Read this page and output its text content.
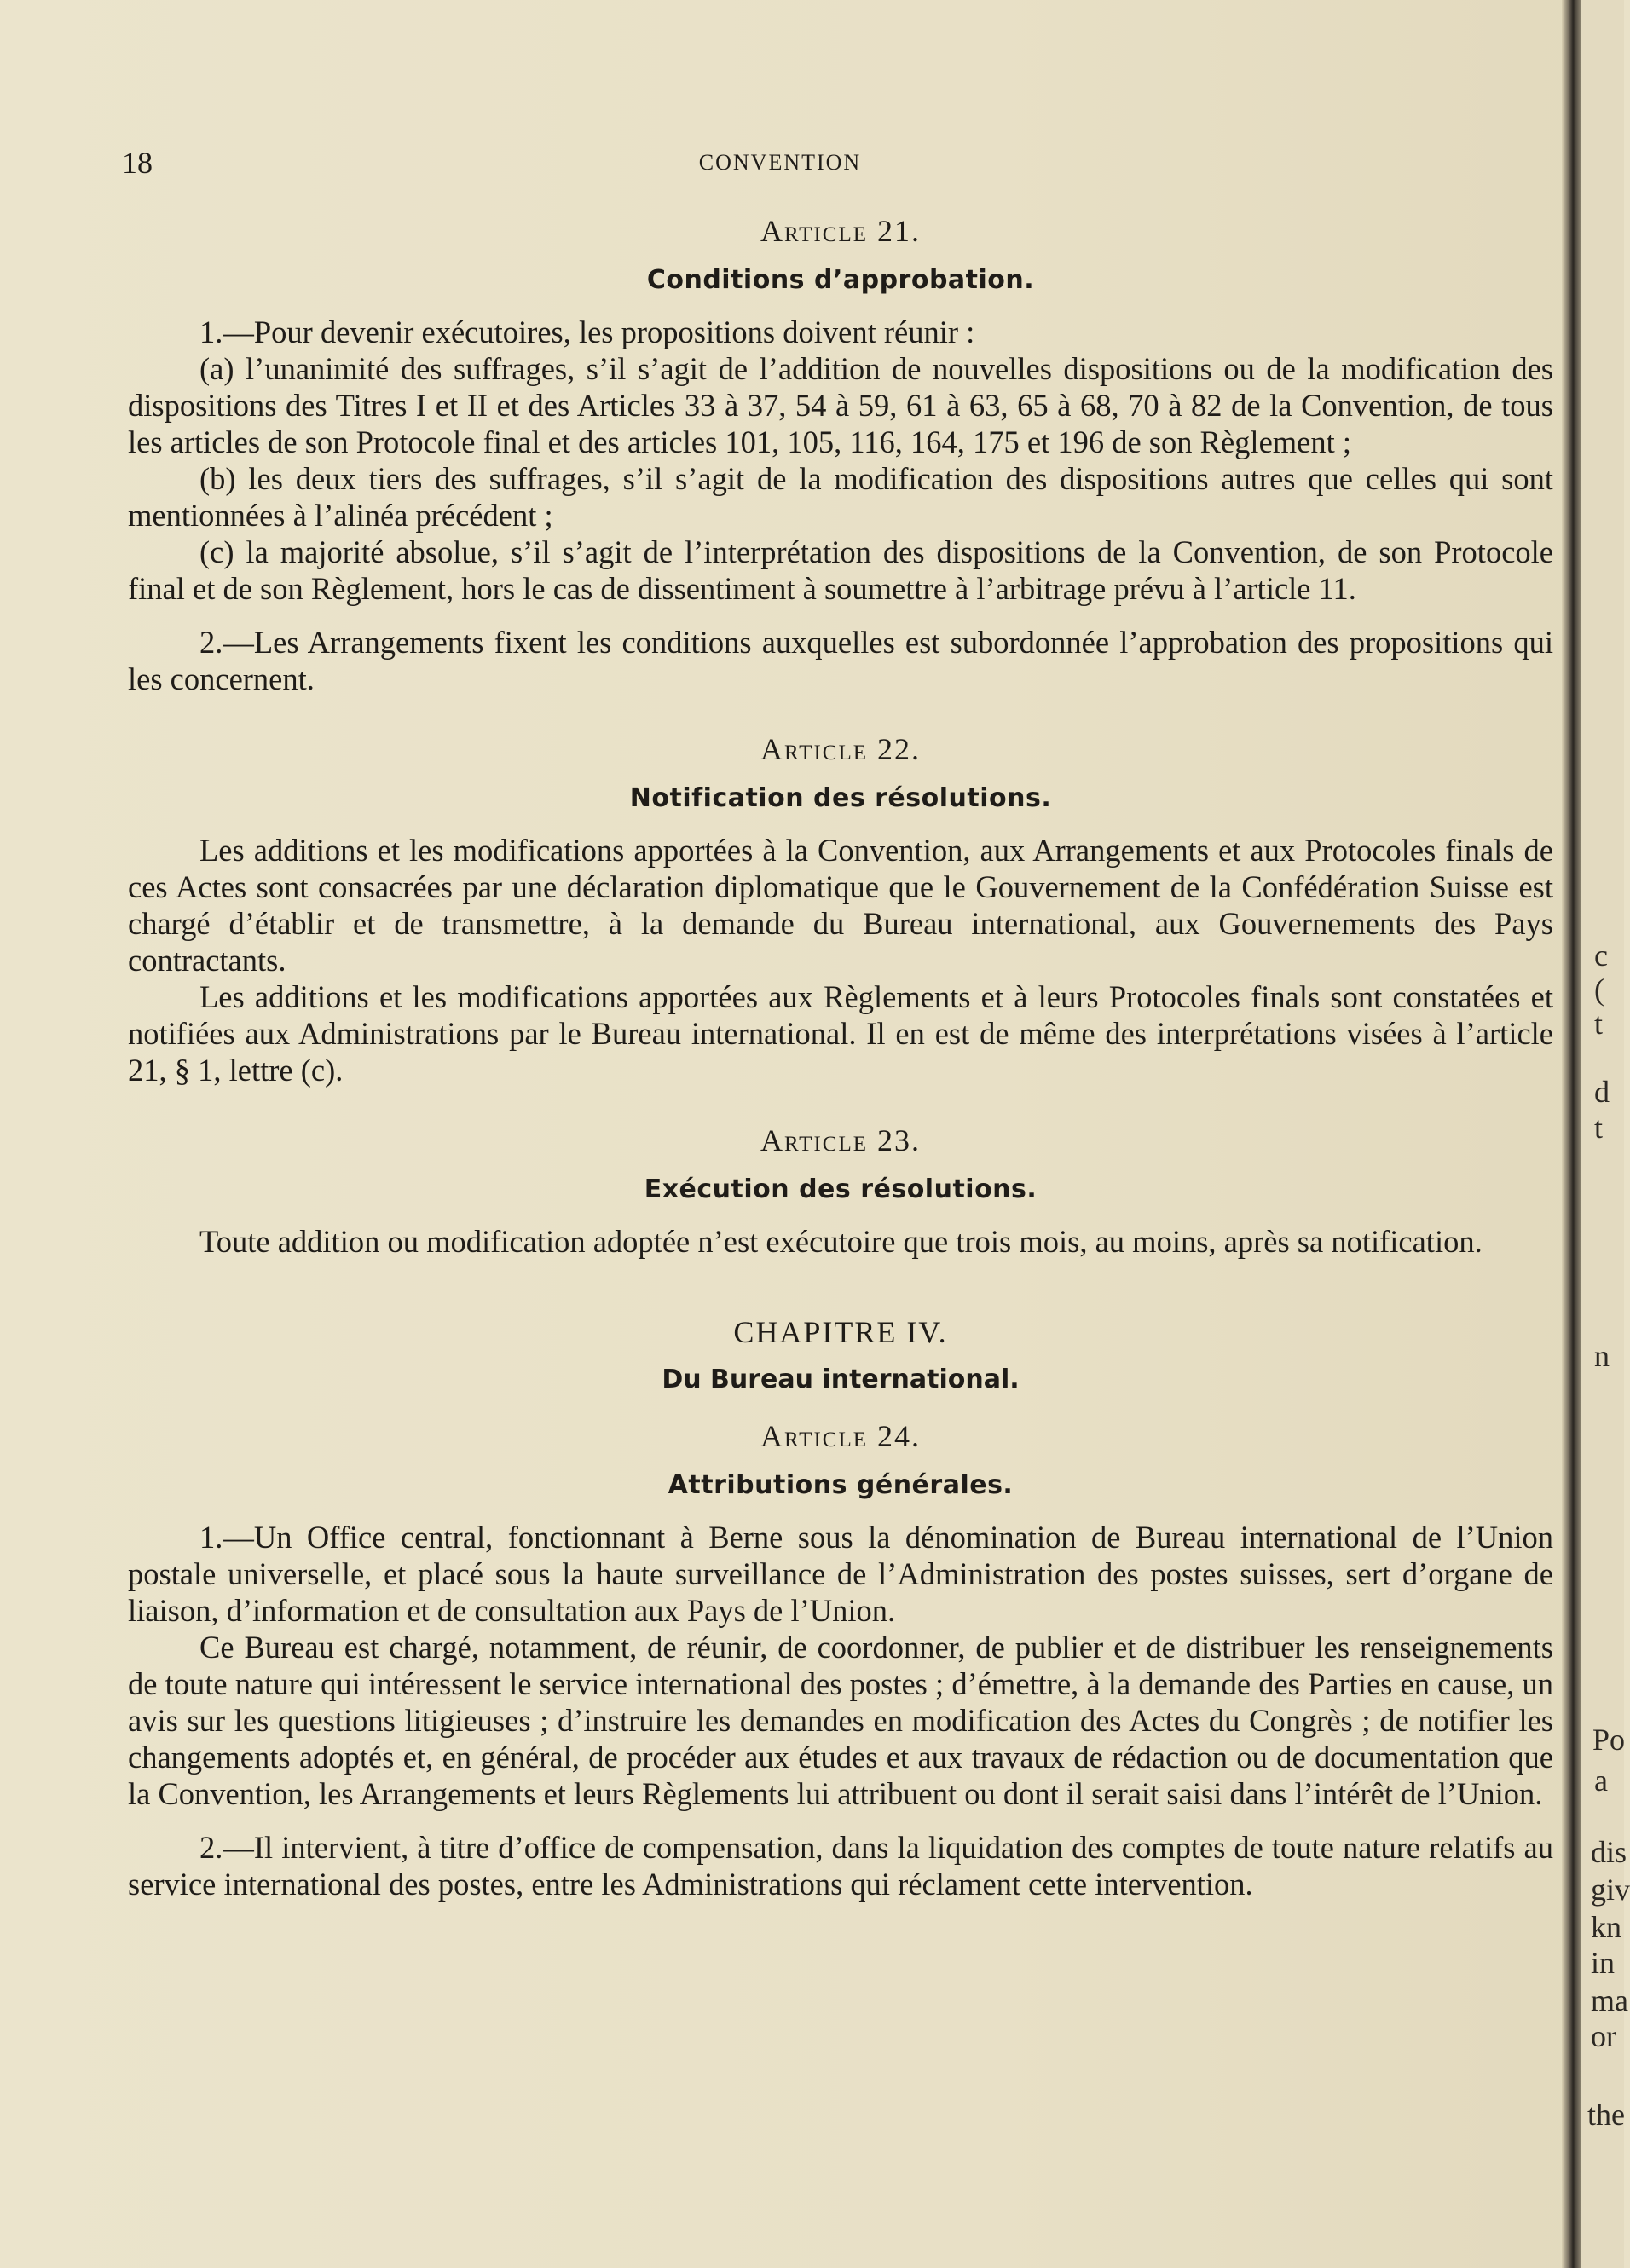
18	CONVENTION
Article 21.
Conditions d’approbation.

1.—Pour devenir exécutoires, les propositions doivent réunir :

(a) l’unanimité des suffrages, s’il s’agit de l’addition de nouvelles dispositions ou de la modification des dispositions des Titres I et II et des Articles 33 à 37, 54 à 59, 61 à 63, 65 à 68, 70 à 82 de la Convention, de tous les articles de son Protocole final et des articles 101, 105, 116, 164, 175 et 196 de son Règlement ;

(b) les deux tiers des suffrages, s’il s’agit de la modification des dispositions autres que celles qui sont mentionnées à l’alinéa précédent ;

(c) la majorité absolue, s’il s’agit de l’interprétation des dispositions de la Convention, de son Protocole final et de son Règlement, hors le cas de dissentiment à soumettre à l’arbitrage prévu à l’article 11.

2.—Les Arrangements fixent les conditions auxquelles est subordonnée l’approbation des propositions qui les concernent.

Article 22.
Notification des résolutions.

Les additions et les modifications apportées à la Convention, aux Arrangements et aux Protocoles finals de ces Actes sont consacrées par une déclaration diplomatique que le Gouvernement de la Confédération Suisse est chargé d’établir et de transmettre, à la demande du Bureau international, aux Gouvernements des Pays contractants.

Les additions et les modifications apportées aux Règlements et à leurs Protocoles finals sont constatées et notifiées aux Administrations par le Bureau international. Il en est de même des interprétations visées à l’article 21, § 1, lettre (c).

Article 23.
Exécution des résolutions.

Toute addition ou modification adoptée n’est exécutoire que trois mois, au moins, après sa notification.

CHAPITRE IV.
Du Bureau international.
Article 24.
Attributions générales.

1.—Un Office central, fonctionnant à Berne sous la dénomination de Bureau international de l’Union postale universelle, et placé sous la haute surveillance de l’Administration des postes suisses, sert d’organe de liaison, d’information et de consultation aux Pays de l’Union.

Ce Bureau est chargé, notamment, de réunir, de coordonner, de publier et de distribuer les renseignements de toute nature qui intéressent le service international des postes ; d’émettre, à la demande des Parties en cause, un avis sur les questions litigieuses ; d’instruire les demandes en modification des Actes du Congrès ; de notifier les changements adoptés et, en général, de procéder aux études et aux travaux de rédaction ou de documentation que la Convention, les Arrangements et leurs Règlements lui attribuent ou dont il serait saisi dans l’intérêt de l’Union.

2.—Il intervient, à titre d’office de compensation, dans la liquidation des comptes de toute nature relatifs au service international des postes, entre les Administrations qui réclament cette intervention.

c
(
t
d
t
n
Po
a
dis
giv
kn
in
ma
or
the
